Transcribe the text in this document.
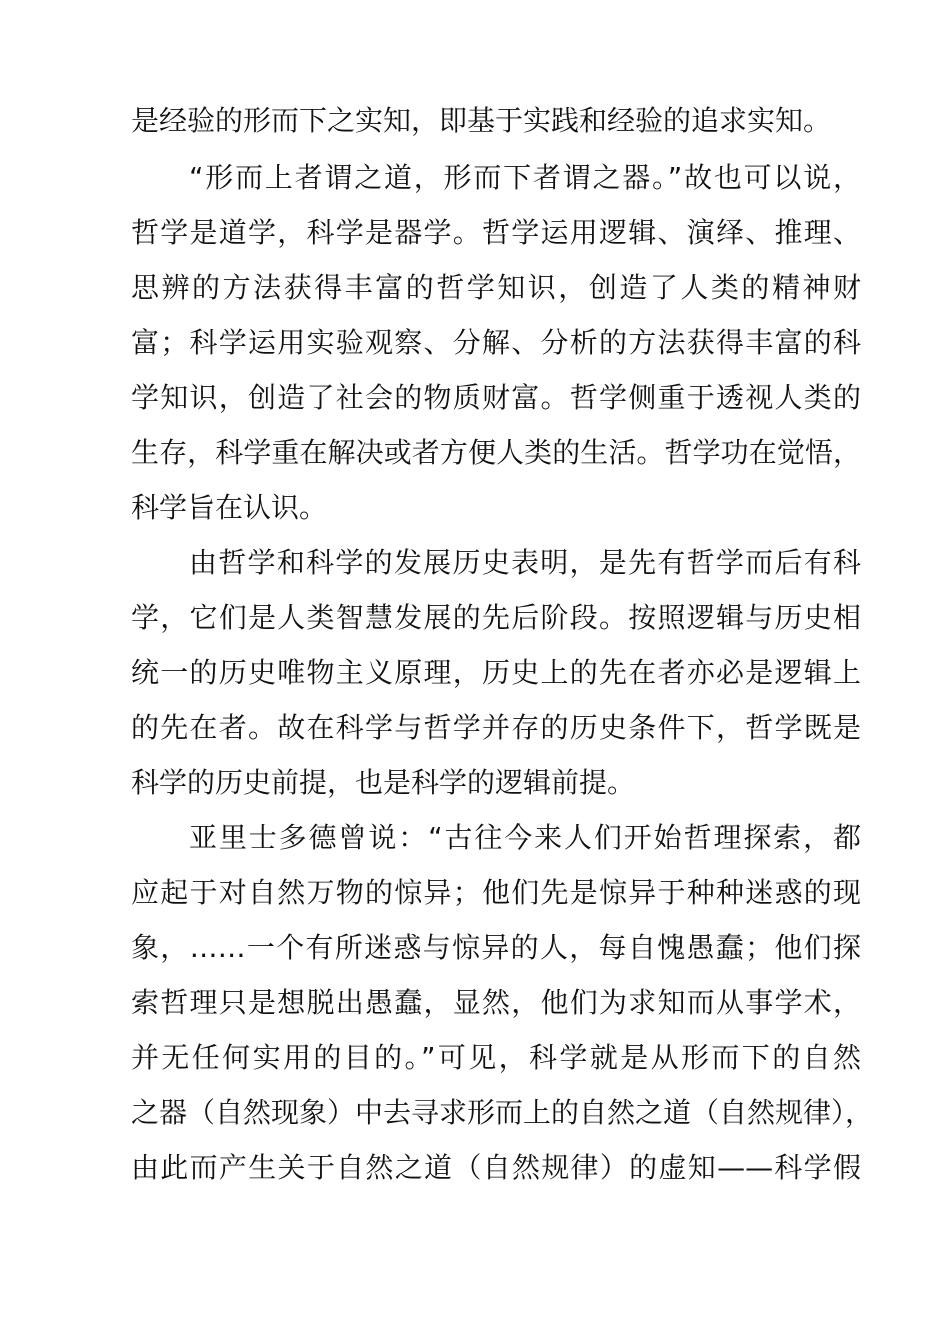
是经验的形而下之实知，即基于实践和经验的追求实知。
“形而上者谓之道，形而下者谓之器。”故也可以说，
哲学是道学，科学是器学。哲学运用逻辑、演绎、推理、
思辨的方法获得丰富的哲学知识，创造了人类的精神财
富；科学运用实验观察、分解、分析的方法获得丰富的科
学知识，创造了社会的物质财富。哲学侧重于透视人类的
生存，科学重在解决或者方便人类的生活。哲学功在觉悟，
科学旨在认识。
由哲学和科学的发展历史表明，是先有哲学而后有科
学，它们是人类智慧发展的先后阶段。按照逻辑与历史相
统一的历史唯物主义原理，历史上的先在者亦必是逻辑上
的先在者。故在科学与哲学并存的历史条件下，哲学既是
科学的历史前提，也是科学的逻辑前提。
亚里士多德曾说：“古往今来人们开始哲理探索，都
应起于对自然万物的惊异；他们先是惊异于种种迷惑的现
象，……一个有所迷惑与惊异的人，每自愧愚蠢；他们探
索哲理只是想脱出愚蠢，显然，他们为求知而从事学术，
并无任何实用的目的。”可见，科学就是从形而下的自然
之器（自然现象）中去寻求形而上的自然之道（自然规律），
由此而产生关于自然之道（自然规律）的虚知——科学假
